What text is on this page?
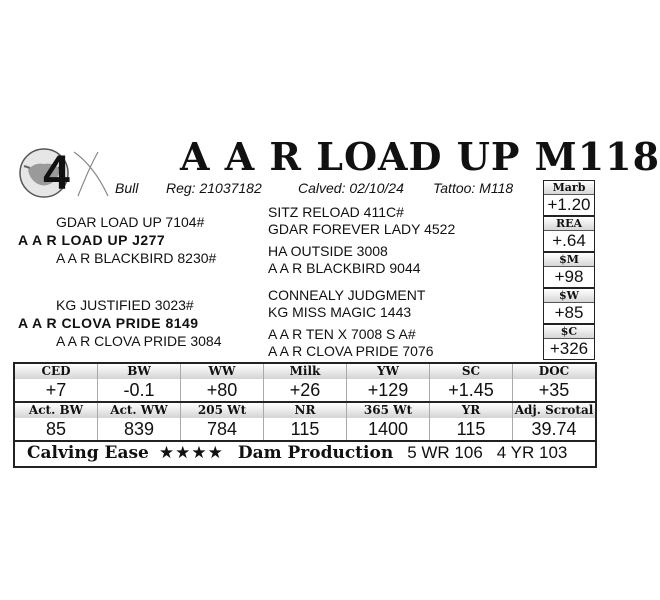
4	A A R LOAD UP M118
Bull Reg: 21037182	Calved: 02/10/24 Tattoo: M118
GDAR LOAD UP 7104#
A A R LOAD UP J277
A A R BLACKBIRD 8230#
KG JUSTIFIED 3023#
A A R CLOVA PRIDE 8149
A A R CLOVA PRIDE 3084
SITZ RELOAD 411C#
GDAR FOREVER LADY 4522
HA OUTSIDE 3008
A A R BLACKBIRD 9044
CONNEALY JUDGMENT
KG MISS MAGIC 1443
A A R TEN X 7008 S A#
A A R CLOVA PRIDE 7076
Marb
+1.20
REA
+.64
$M
+98
$W
+85
$C
+326
CED
+7
BW
-0.1
WW
+80
Milk
+26
YW
+129
SC
+1.45
DOC
+35
Act. BW
85
Act. WW
839
205 Wt
784
NR
115
365 Wt
1400
YR
115
Adj. Scrotal
39.74
Calving Ease ★★★★ Dam Production 5 WR 106 4 YR 103
